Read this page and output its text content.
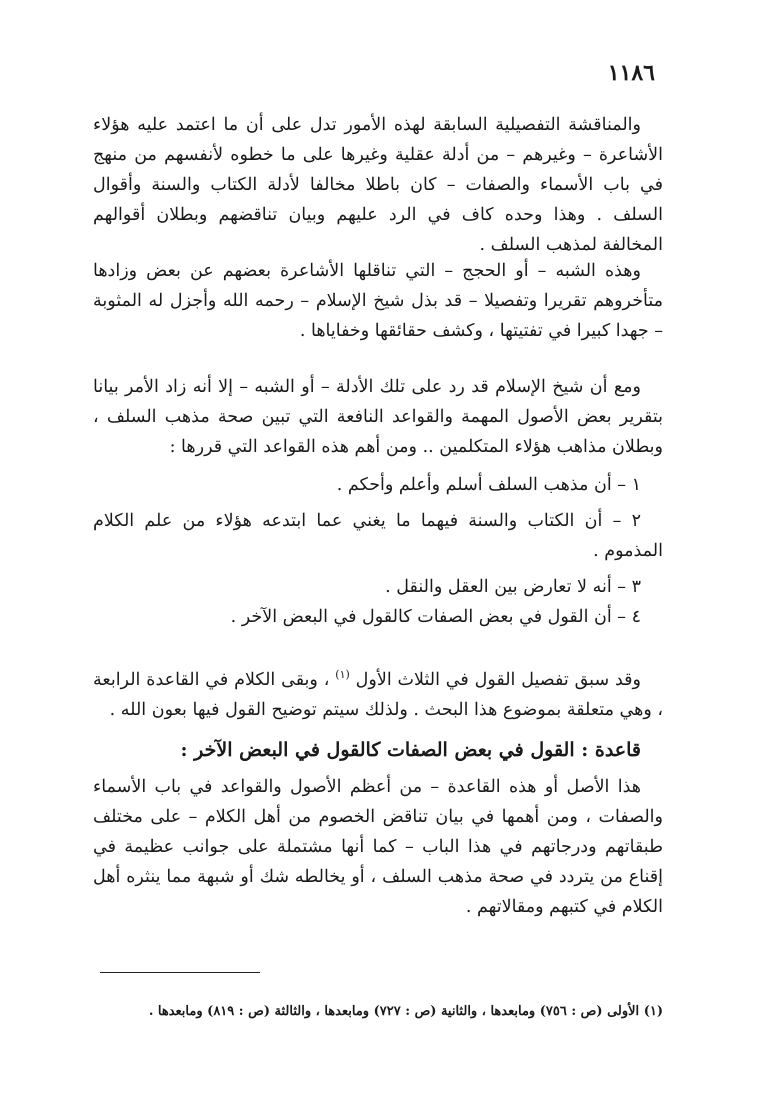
١١٨٦

والمناقشة التفصيلية السابقة لهذه الأمور تدل على أن ما اعتمد عليه هؤلاء الأشاعرة – وغيرهم – من أدلة عقلية وغيرها على ما خطوه لأنفسهم من منهج في باب الأسماء والصفات – كان باطلا مخالفا لأدلة الكتاب والسنة وأقوال السلف . وهذا وحده كاف في الرد عليهم وبيان تناقضهم وبطلان أقوالهم المخالفة لمذهب السلف .

وهذه الشبه – أو الحجج – التي تناقلها الأشاعرة بعضهم عن بعض وزادها متأخروهم تقريرا وتفصيلا – قد بذل شيخ الإسلام – رحمه الله وأجزل له المثوبة – جهدا كبيرا في تفتيتها ، وكشف حقائقها وخفاياها .

ومع أن شيخ الإسلام قد رد على تلك الأدلة – أو الشبه – إلا أنه زاد الأمر بيانا بتقرير بعض الأصول المهمة والقواعد النافعة التي تبين صحة مذهب السلف ، وبطلان مذاهب هؤلاء المتكلمين .. ومن أهم هذه القواعد التي قررها :

١ – أن مذهب السلف أسلم وأعلم وأحكم .

٢ – أن الكتاب والسنة فيهما ما يغني عما ابتدعه هؤلاء من علم الكلام المذموم .

٣ – أنه لا تعارض بين العقل والنقل .

٤ – أن القول في بعض الصفات كالقول في البعض الآخر .

وقد سبق تفصيل القول في الثلاث الأول $^{(١)}$ ، وبقى الكلام في القاعدة الرابعة ، وهي متعلقة بموضوع هذا البحث . ولذلك سيتم توضيح القول فيها بعون الله .

قاعدة : القول في بعض الصفات كالقول في البعض الآخر :

هذا الأصل أو هذه القاعدة – من أعظم الأصول والقواعد في باب الأسماء والصفات ، ومن أهمها في بيان تناقض الخصوم من أهل الكلام – على مختلف طبقاتهم ودرجاتهم في هذا الباب – كما أنها مشتملة على جوانب عظيمة في إقناع من يتردد في صحة مذهب السلف ، أو يخالطه شك أو شبهة مما ينثره أهل الكلام في كتبهم ومقالاتهم .

(١) الأولى (ص : ٧٥٦) ومابعدها ، والثانية (ص : ٧٢٧) ومابعدها ، والثالثة (ص : ٨١٩) ومابعدها .
